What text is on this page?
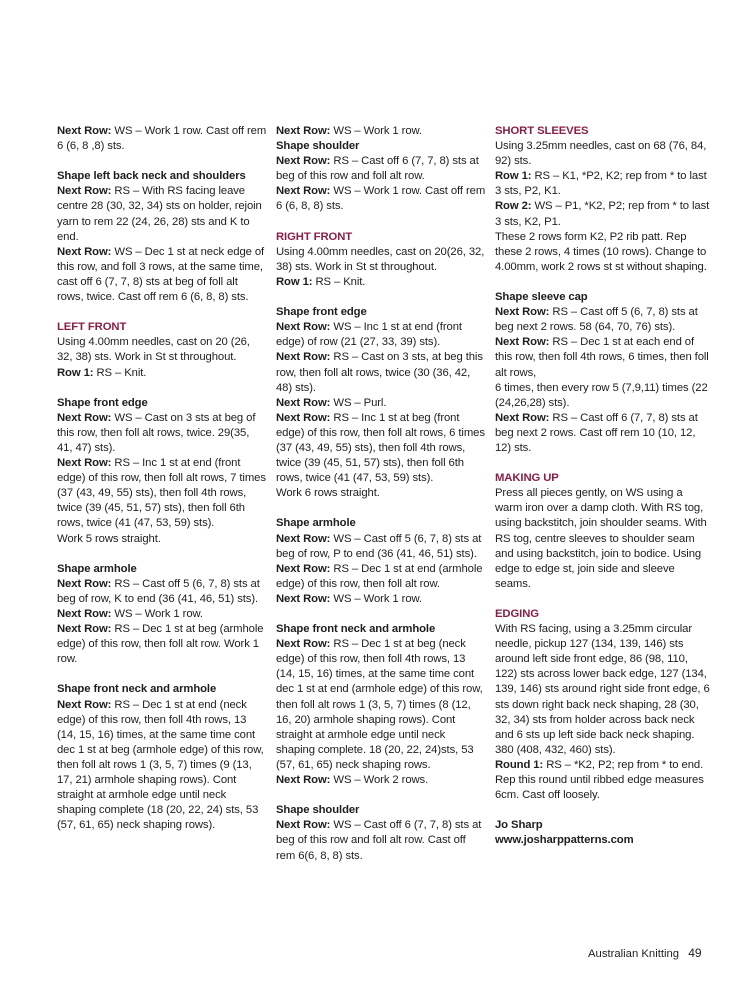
Next Row: WS – Work 1 row. Cast off rem 6 (6, 8 ,8) sts.

Shape left back neck and shoulders

Next Row: RS – With RS facing leave centre 28 (30, 32, 34) sts on holder, rejoin yarn to rem 22 (24, 26, 28) sts and K to end.

Next Row: WS – Dec 1 st at neck edge of this row, and foll 3 rows, at the same time, cast off 6 (7, 7, 8) sts at beg of foll alt rows, twice. Cast off rem 6 (6, 8, 8) sts.

LEFT FRONT

Using 4.00mm needles, cast on 20 (26, 32, 38) sts. Work in St st throughout.

Row 1: RS – Knit.

Shape front edge

Next Row: WS – Cast on 3 sts at beg of this row, then foll alt rows, twice. 29(35, 41, 47) sts).

Next Row: RS – Inc 1 st at end (front edge) of this row, then foll alt rows, 7 times (37 (43, 49, 55) sts), then foll 4th rows, twice (39 (45, 51, 57) sts), then foll 6th rows, twice (41 (47, 53, 59) sts).

Work 5 rows straight.

Shape armhole

Next Row: RS – Cast off 5 (6, 7, 8) sts at beg of row, K to end (36 (41, 46, 51) sts).

Next Row: WS – Work 1 row.

Next Row: RS – Dec 1 st at beg (armhole edge) of this row, then foll alt row. Work 1 row.

Shape front neck and armhole

Next Row: RS – Dec 1 st at end (neck edge) of this row, then foll 4th rows, 13 (14, 15, 16) times, at the same time cont dec 1 st at beg (armhole edge) of this row, then foll alt rows 1 (3, 5, 7) times (9 (13, 17, 21) armhole shaping rows). Cont straight at armhole edge until neck shaping complete (18 (20, 22, 24) sts, 53 (57, 61, 65) neck shaping rows).

Next Row: WS – Work 1 row.

Shape shoulder

Next Row: RS – Cast off 6 (7, 7, 8) sts at beg of this row and foll alt row.

Next Row: WS – Work 1 row. Cast off rem 6 (6, 8, 8) sts.

RIGHT FRONT

Using 4.00mm needles, cast on 20(26, 32, 38) sts. Work in St st throughout.

Row 1: RS – Knit.

Shape front edge

Next Row: WS – Inc 1 st at end (front edge) of row (21 (27, 33, 39) sts).

Next Row: RS – Cast on 3 sts, at beg this row, then foll alt rows, twice (30 (36, 42, 48) sts).

Next Row: WS – Purl.

Next Row: RS – Inc 1 st at beg (front edge) of this row, then foll alt rows, 6 times (37 (43, 49, 55) sts), then foll 4th rows, twice (39 (45, 51, 57) sts), then foll 6th rows, twice (41 (47, 53, 59) sts).

Work 6 rows straight.

Shape armhole

Next Row: WS – Cast off 5 (6, 7, 8) sts at beg of row, P to end (36 (41, 46, 51) sts).

Next Row: RS – Dec 1 st at end (armhole edge) of this row, then foll alt row.

Next Row: WS – Work 1 row.

Shape front neck and armhole

Next Row: RS – Dec 1 st at beg (neck edge) of this row, then foll 4th rows, 13 (14, 15, 16) times, at the same time cont dec 1 st at end (armhole edge) of this row, then foll alt rows 1 (3, 5, 7) times (8 (12, 16, 20) armhole shaping rows). Cont straight at armhole edge until neck shaping complete. 18 (20, 22, 24)sts, 53 (57, 61, 65) neck shaping rows.

Next Row: WS – Work 2 rows.

Shape shoulder

Next Row: WS – Cast off 6 (7, 7, 8) sts at beg of this row and foll alt row. Cast off rem 6(6, 8, 8) sts.

SHORT SLEEVES

Using 3.25mm needles, cast on 68 (76, 84, 92) sts.

Row 1: RS – K1, *P2, K2; rep from * to last 3 sts, P2, K1.

Row 2: WS – P1, *K2, P2; rep from * to last 3 sts, K2, P1.

These 2 rows form K2, P2 rib patt. Rep these 2 rows, 4 times (10 rows). Change to 4.00mm, work 2 rows st st without shaping.

Shape sleeve cap

Next Row: RS – Cast off 5 (6, 7, 8) sts at beg next 2 rows. 58 (64, 70, 76) sts).

Next Row: RS – Dec 1 st at each end of this row, then foll 4th rows, 6 times, then foll alt rows,

6 times, then every row 5 (7,9,11) times (22 (24,26,28) sts).

Next Row: RS – Cast off 6 (7, 7, 8) sts at beg next 2 rows. Cast off rem 10 (10, 12, 12) sts.

MAKING UP

Press all pieces gently, on WS using a warm iron over a damp cloth. With RS tog, using backstitch, join shoulder seams. With RS tog, centre sleeves to shoulder seam and using backstitch, join to bodice. Using edge to edge st, join side and sleeve seams.

EDGING

With RS facing, using a 3.25mm circular needle, pickup 127 (134, 139, 146) sts around left side front edge, 86 (98, 110, 122) sts across lower back edge, 127 (134, 139, 146) sts around right side front edge, 6 sts down right back neck shaping, 28 (30, 32, 34) sts from holder across back neck and 6 sts up left side back neck shaping. 380 (408, 432, 460) sts).

Round 1: RS – *K2, P2; rep from * to end.

Rep this round until ribbed edge measures 6cm. Cast off loosely.

Jo Sharp

www.josharppatterns.com

Australian Knitting 49
